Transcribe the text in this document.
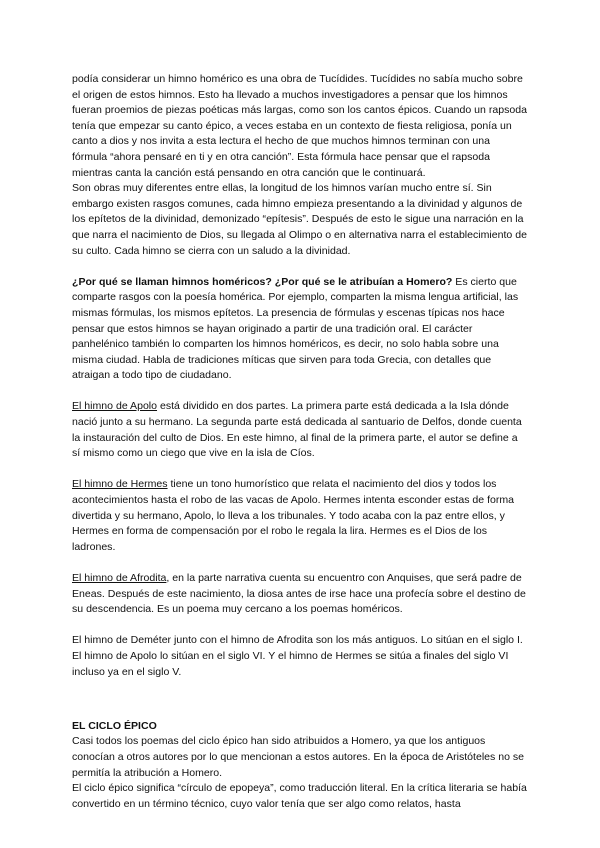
podía considerar un himno homérico es una obra de Tucídides. Tucídides no sabía mucho sobre el origen de estos himnos. Esto ha llevado a muchos investigadores a pensar que los himnos fueran proemios de piezas poéticas más largas, como son los cantos épicos. Cuando un rapsoda tenía que empezar su canto épico, a veces estaba en un contexto de fiesta religiosa, ponía un canto a dios y nos invita a esta lectura el hecho de que muchos himnos terminan con una fórmula “ahora pensaré en ti y en otra canción”. Esta fórmula hace pensar que el rapsoda mientras canta la canción está pensando en otra canción que le continuará.

Son obras muy diferentes entre ellas, la longitud de los himnos varían mucho entre sí. Sin embargo existen rasgos comunes, cada himno empieza presentando a la divinidad y algunos de los epítetos de la divinidad, demonizado “epítesis”. Después de esto le sigue una narración en la que narra el nacimiento de Dios, su llegada al Olimpo o en alternativa narra el establecimiento de su culto. Cada himno se cierra con un saludo a la divinidad.

¿Por qué se llaman himnos homéricos? ¿Por qué se le atribuían a Homero? Es cierto que comparte rasgos con la poesía homérica. Por ejemplo, comparten la misma lengua artificial, las mismas fórmulas, los mismos epítetos. La presencia de fórmulas y escenas típicas nos hace pensar que estos himnos se hayan originado a partir de una tradición oral. El carácter panhelénico también lo comparten los himnos homéricos, es decir, no solo habla sobre una misma ciudad. Habla de tradiciones míticas que sirven para toda Grecia, con detalles que atraigan a todo tipo de ciudadano.

El himno de Apolo está dividido en dos partes. La primera parte está dedicada a la Isla dónde nació junto a su hermano. La segunda parte está dedicada al santuario de Delfos, donde cuenta la instauración del culto de Dios. En este himno, al final de la primera parte, el autor se define a sí mismo como un ciego que vive en la isla de Cíos.

El himno de Hermes tiene un tono humorístico que relata el nacimiento del dios y todos los acontecimientos hasta el robo de las vacas de Apolo. Hermes intenta esconder estas de forma divertida y su hermano, Apolo, lo lleva a los tribunales. Y todo acaba con la paz entre ellos, y Hermes en forma de compensación por el robo le regala la lira. Hermes es el Dios de los ladrones.

El himno de Afrodita, en la parte narrativa cuenta su encuentro con Anquises, que será padre de Eneas. Después de este nacimiento, la diosa antes de irse hace una profecía sobre el destino de su descendencia. Es un poema muy cercano a los poemas homéricos.

El himno de Deméter junto con el himno de Afrodita son los más antiguos. Lo sitúan en el siglo I. El himno de Apolo lo sitúan en el siglo VI. Y el himno de Hermes se sitúa a finales del siglo VI incluso ya en el siglo V.

EL CICLO ÉPICO

Casi todos los poemas del ciclo épico han sido atribuidos a Homero, ya que los antiguos conocían a otros autores por lo que mencionan a estos autores. En la época de Aristóteles no se permitía la atribución a Homero.

El ciclo épico significa “círculo de epopeya”, como traducción literal. En la crítica literaria se había convertido en un término técnico, cuyo valor tenía que ser algo como relatos, hasta
